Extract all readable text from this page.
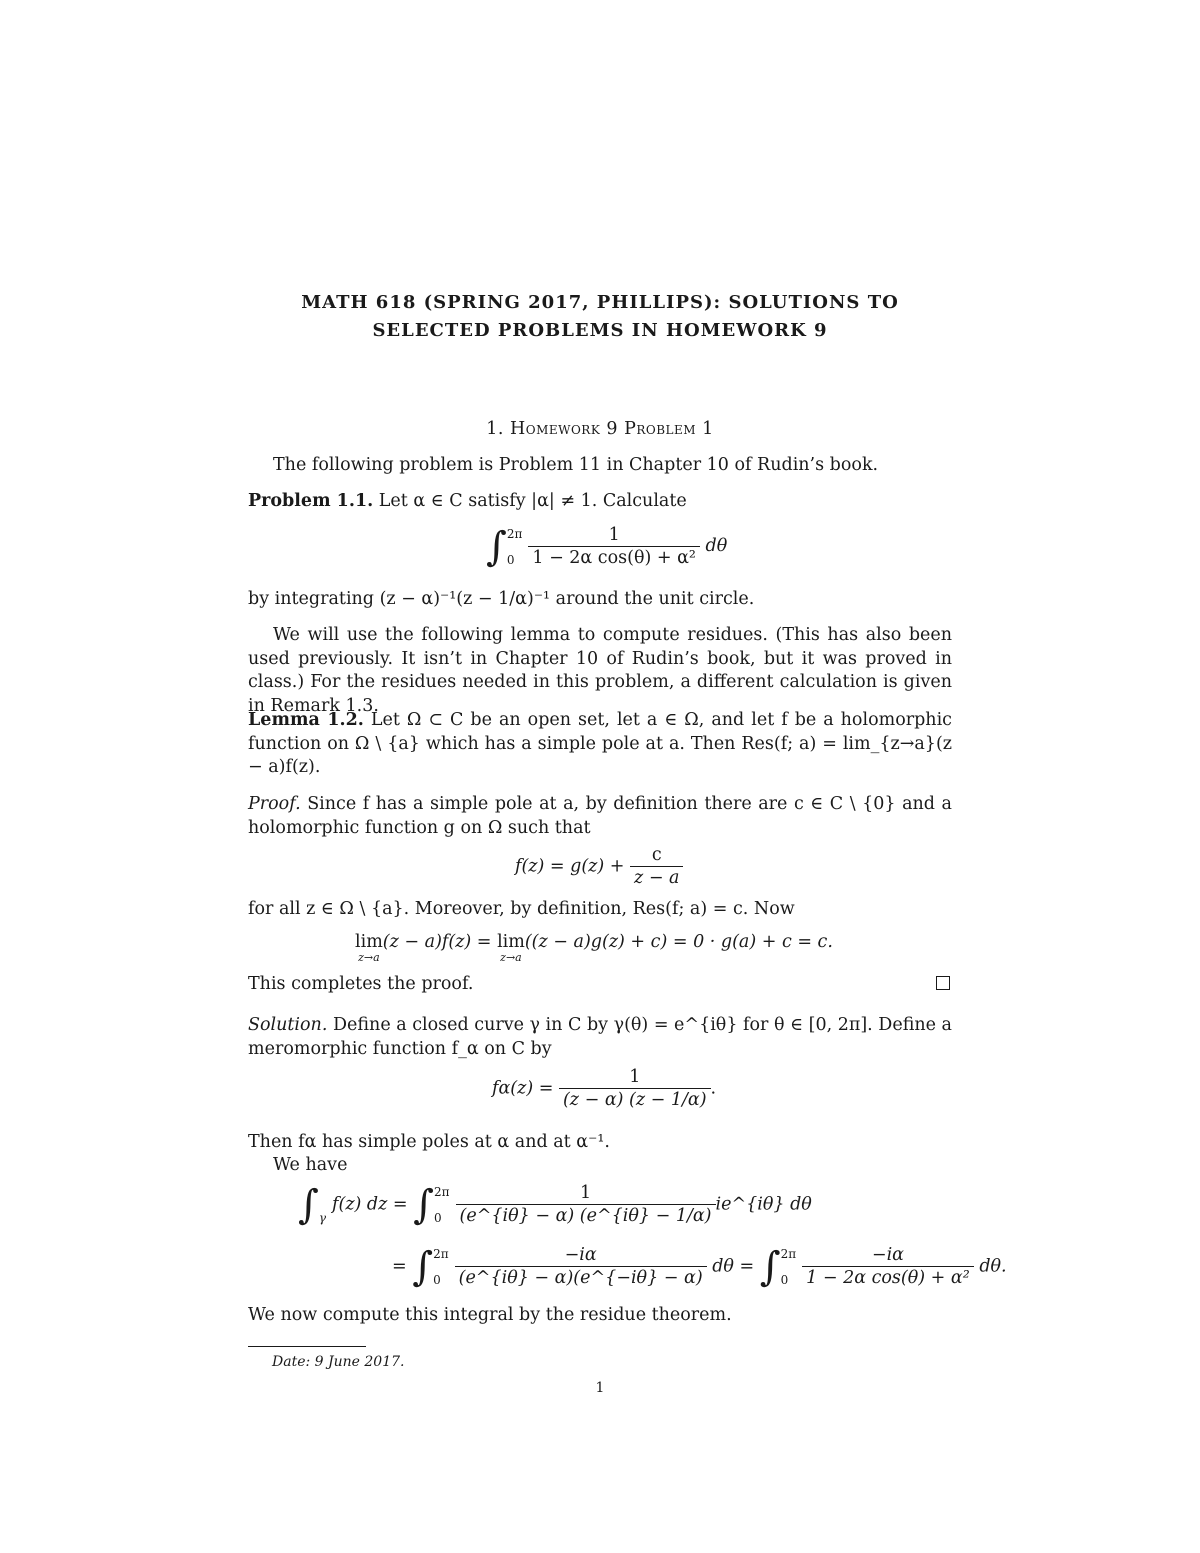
MATH 618 (SPRING 2017, PHILLIPS): SOLUTIONS TO
SELECTED PROBLEMS IN HOMEWORK 9
1. Homework 9 Problem 1
The following problem is Problem 11 in Chapter 10 of Rudin’s book.
Problem 1.1. Let α ∈ C satisfy |α| ≠ 1. Calculate
∫ 2π
$0 \frac{1}{\text{1 − 2α cos(θ) + α²}}$ dθ
by integrating (z − α)⁻¹(z − 1/α)⁻¹ around the unit circle.
We will use the following lemma to compute residues. (This has also been used previously. It isn’t in Chapter 10 of Rudin’s book, but it was proved in class.) For the residues needed in this problem, a different calculation is given in Remark 1.3.
Lemma 1.2. Let Ω ⊂ C be an open set, let a ∈ Ω, and let f be a holomorphic function on Ω \ {a} which has a simple pole at a. Then Res(f; a) = lim_{z→a}(z − a)f(z).
Proof. Since f has a simple pole at a, by definition there are c ∈ C \ {0} and a holomorphic function g on Ω such that
$f(z) = g(z) + \frac{c}{z - a}$
for all z ∈ Ω \ {a}. Moreover, by definition, Res(f; a) = c. Now
lim
z→a
(z − a)f(z) = lim
z→a
((z − a)g(z) + c) = 0 · g(a) + c = c.
This completes the proof.
Solution. Define a closed curve γ in C by γ(θ) = e^{iθ} for θ ∈ [0, 2π]. Define a meromorphic function f_α on C by
$f\alpha(z) = \frac{1}{(z - \alpha) (z - 1/\alpha)}$ .
Then fα has simple poles at α and at α⁻¹.
We have
∫ γ
f(z) dz = ∫ 2π
$0 \frac{1}{(e\^{}\{i\theta\} - \alpha) (e\^{}\{i\theta\} - 1/\alpha)}$ ie^{iθ} dθ
= ∫ 2π
$0 \frac{-i\alpha}{(e\^{}\{i\theta\} - \alpha)(e\^{}\{-i\theta\} - \alpha)}$ dθ = ∫ 2π
$0 \frac{-i\alpha}{\text{1 − 2α cos(θ) + α²}} d\theta$.
We now compute this integral by the residue theorem.
Date: 9 June 2017.
1
